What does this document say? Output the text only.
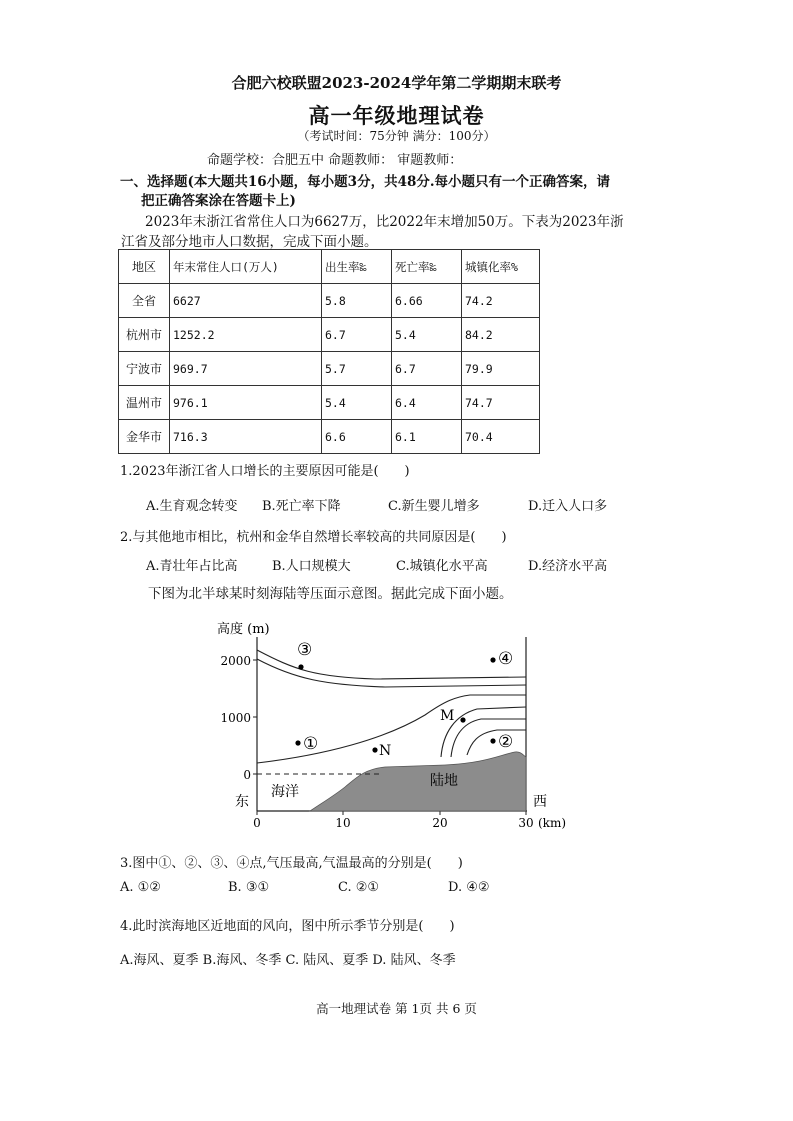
合肥六校联盟2023-2024学年第二学期期末联考
高一年级地理试卷
（考试时间：75分钟 满分：100分）
命题学校：合肥五中 命题教师： 审题教师：
一、选择题(本大题共16小题，每小题3分，共48分.每小题只有一个正确答案，请
把正确答案涂在答题卡上)
2023年末浙江省常住人口为6627万，比2022年末增加50万。下表为2023年浙
江省及部分地市人口数据，完成下面小题。
地区	年末常住人口(万人)	出生率‰	死亡率‰	城镇化率%
全省	6627	5.8	6.66	74.2
杭州市	1252.2	6.7	5.4	84.2
宁波市	969.7	5.7	6.7	79.9
温州市	976.1	5.4	6.4	74.7
金华市	716.3	6.6	6.1	70.4
1.2023年浙江省人口增长的主要原因可能是(　　)
A.生育观念转变 B.死亡率下降	C.新生婴儿增多	D.迁入人口多
2.与其他地市相比，杭州和金华自然增长率较高的共同原因是(　　)
A.青壮年占比高	B.人口规模大	C.城镇化水平高	D.经济水平高
下图为北半球某时刻海陆等压面示意图。据此完成下面小题。
高度 (m)
2000
1000
0
0	10	20	30 (km)
东	西
海洋
陆地
③	④
①	②
M
N
3.图中①、②、③、④点,气压最高,气温最高的分别是(　　)
A. ①②	B. ③①	C. ②①	D. ④②
4.此时滨海地区近地面的风向，图中所示季节分别是(　　)
A.海风、夏季 B.海风、冬季 C. 陆风、夏季 D. 陆风、冬季
高一地理试卷 第 1页 共 6 页
